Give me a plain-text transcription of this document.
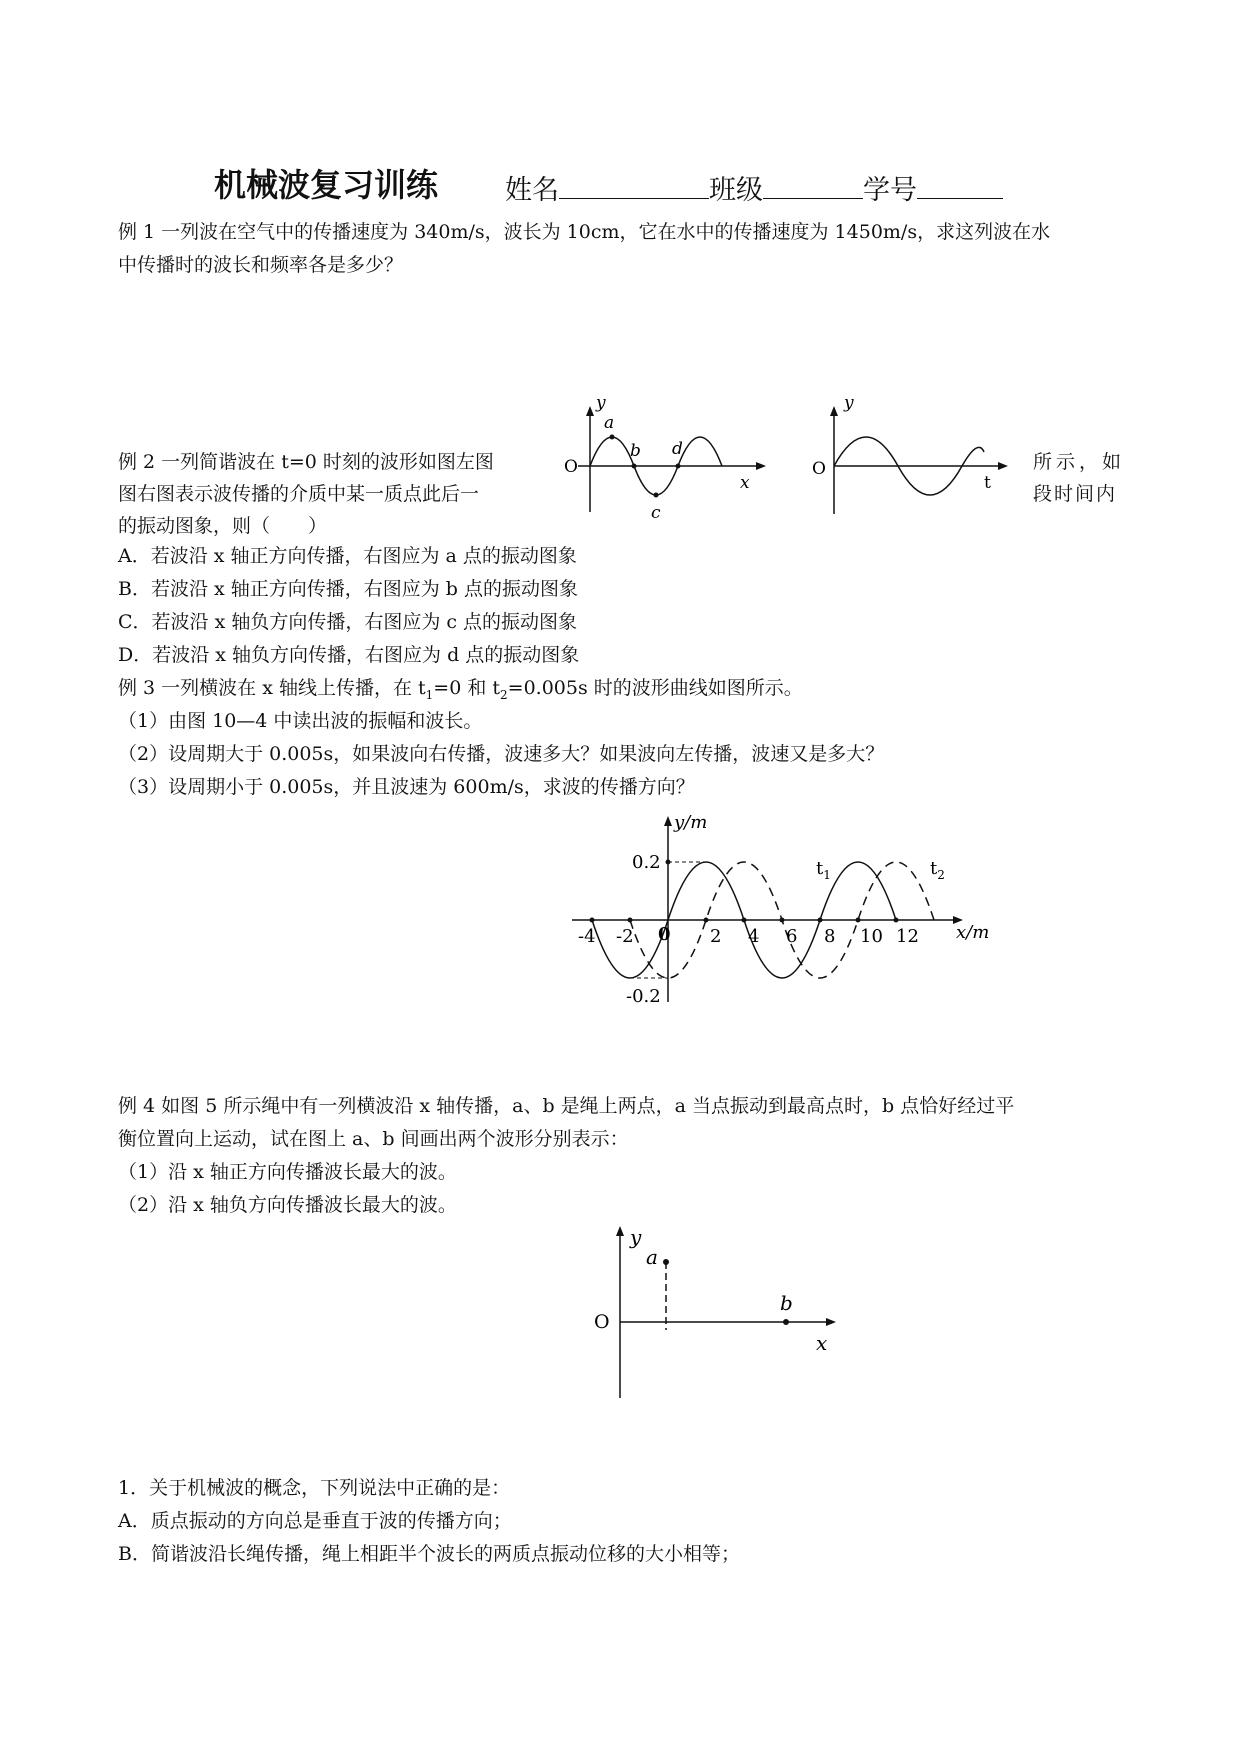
机械波复习训练 姓名	班级	学号
例 1 一列波在空气中的传播速度为 340m/s，波长为 10cm，它在水中的传播速度为 1450m/s，求这列波在水
中传播时的波长和频率各是多少？
例 2 一列简谐波在 t=0 时刻的波形如图左图
图右图表示波传播的介质中某一质点此后一
的振动图象，则（　　）
所示，如
段时间内
y
a
b
c
d
O
x
y
O
t
A．若波沿 x 轴正方向传播，右图应为 a 点的振动图象
B．若波沿 x 轴正方向传播，右图应为 b 点的振动图象
C．若波沿 x 轴负方向传播，右图应为 c 点的振动图象
D．若波沿 x 轴负方向传播，右图应为 d 点的振动图象
例 3 一列横波在 x 轴线上传播，在 $t_1=0$ 和 $t_2=0.005s$ 时的波形曲线如图所示。
（1）由图 10—4 中读出波的振幅和波长。
（2）设周期大于 0.005s，如果波向右传播，波速多大？如果波向左传播，波速又是多大？
（3）设周期小于 0.005s，并且波速为 600m/s，求波的传播方向？
y/m
0.2
-0.2
0
-4 -2	2 4 6 8 10 12 x/m
$t_1$	$t_2$
例 4 如图 5 所示绳中有一列横波沿 x 轴传播，a、b 是绳上两点，a 当点振动到最高点时，b 点恰好经过平
衡位置向上运动，试在图上 a、b 间画出两个波形分别表示：
（1）沿 x 轴正方向传播波长最大的波。
（2）沿 x 轴负方向传播波长最大的波。
y
a
b
O
x
1．关于机械波的概念，下列说法中正确的是：
A．质点振动的方向总是垂直于波的传播方向；
B．简谐波沿长绳传播，绳上相距半个波长的两质点振动位移的大小相等；
